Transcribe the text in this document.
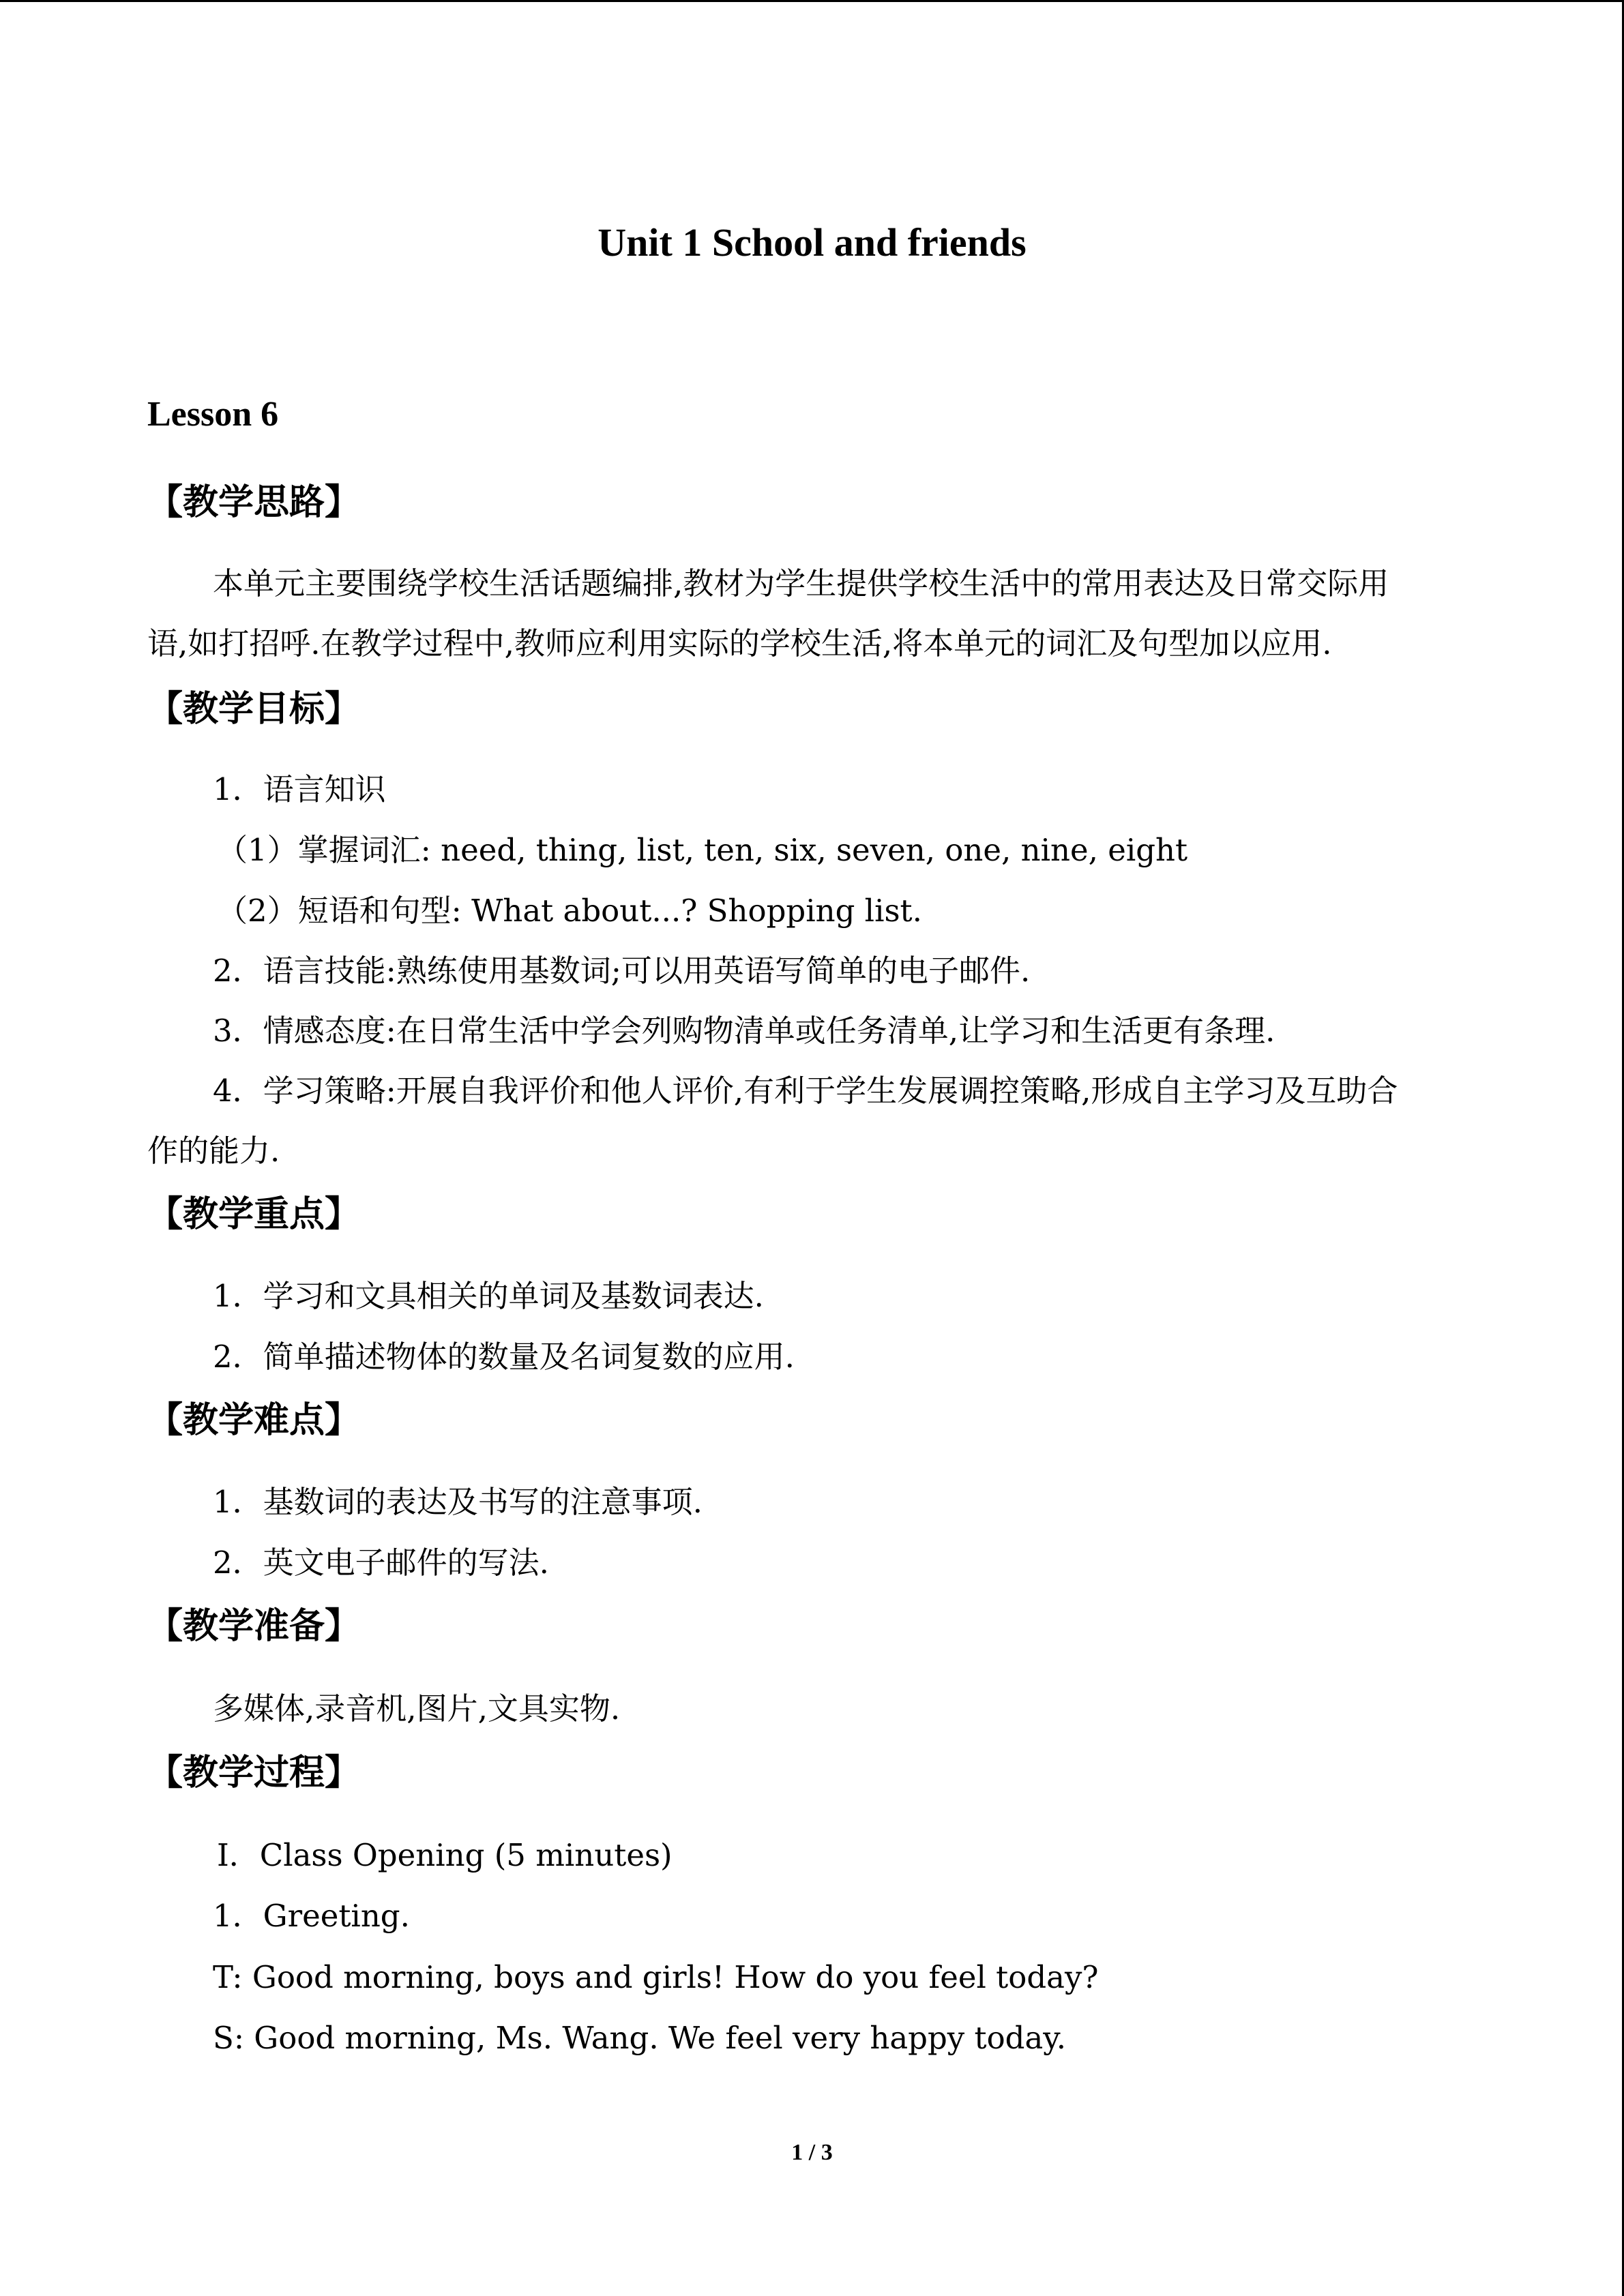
Unit 1 School and friends
Lesson 6
【教学思路】

本单元主要围绕学校生活话题编排,教材为学生提供学校生活中的常用表达及日常交际用

语,如打招呼.在教学过程中,教师应利用实际的学校生活,将本单元的词汇及句型加以应用.

【教学目标】

1．语言知识

（1）掌握词汇: need, thing, list, ten, six, seven, one, nine, eight

（2）短语和句型: What about...? Shopping list.

2．语言技能:熟练使用基数词;可以用英语写简单的电子邮件.

3．情感态度:在日常生活中学会列购物清单或任务清单,让学习和生活更有条理.

4．学习策略:开展自我评价和他人评价,有利于学生发展调控策略,形成自主学习及互助合

作的能力.

【教学重点】

1．学习和文具相关的单词及基数词表达.

2．简单描述物体的数量及名词复数的应用.

【教学难点】

1．基数词的表达及书写的注意事项.

2．英文电子邮件的写法.

【教学准备】

多媒体,录音机,图片,文具实物.

【教学过程】

Ⅰ．Class Opening (5 minutes)

1．Greeting.

T: Good morning, boys and girls! How do you feel today?

S: Good morning, Ms. Wang. We feel very happy today.

1 / 3
